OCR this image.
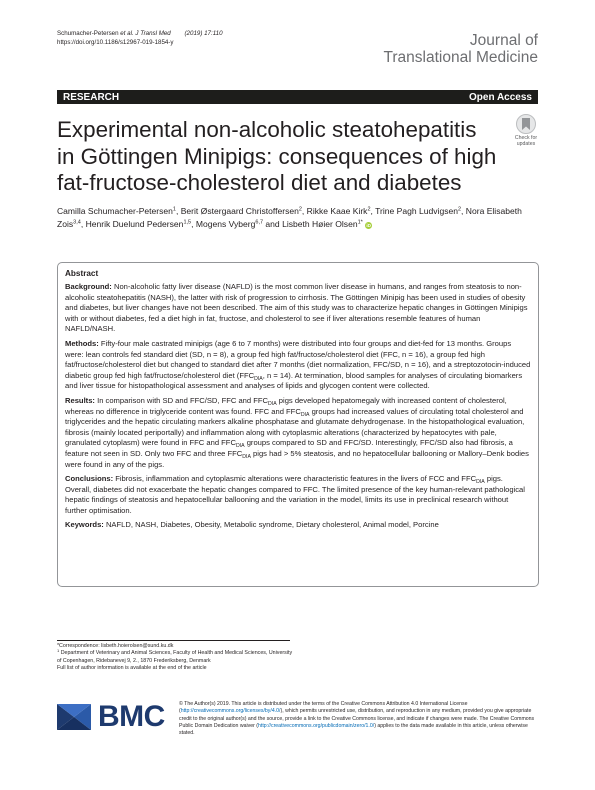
Schumacher-Petersen et al. J Transl Med (2019) 17:110
https://doi.org/10.1186/s12967-019-1854-y	Journal of
Translational Medicine
RESEARCH	Open Access
Experimental non-alcoholic steatohepatitis in Göttingen Minipigs: consequences of high fat-fructose-cholesterol diet and diabetes
Check for
updates
Camilla Schumacher-Petersen$^1$, Berit Østergaard Christoffersen$^2$, Rikke Kaae Kirk$^2$, Trine Pagh Ludvigsen$^2$, Nora Elisabeth Zois$^{3,4}$, Henrik Duelund Pedersen$^{1,5}$, Mogens Vyberg$^{6,7}$ and Lisbeth Høier Olsen$^{1*}$ iD
Abstract

Background: Non-alcoholic fatty liver disease (NAFLD) is the most common liver disease in humans, and ranges from steatosis to non-alcoholic steatohepatitis (NASH), the latter with risk of progression to cirrhosis. The Göttingen Minipig has been used in studies of obesity and diabetes, but liver changes have not been described. The aim of this study was to characterize hepatic changes in Göttingen Minipigs with or without diabetes, fed a diet high in fat, fructose, and cholesterol to see if liver alterations resemble features of human NAFLD/NASH.

Methods: Fifty-four male castrated minipigs (age 6 to 7 months) were distributed into four groups and diet-fed for 13 months. Groups were: lean controls fed standard diet (SD, n = 8), a group fed high fat/fructose/cholesterol diet (FFC, n = 16), a group fed high fat/fructose/cholesterol diet but changed to standard diet after 7 months (diet normalization, FFC/SD, n = 16), and a streptozotocin-induced diabetic group fed high fat/fructose/cholesterol diet ($FFC_{DIA}$, n = 14). At termination, blood samples for analyses of circulating biomarkers and liver tissue for histopathological assessment and analyses of lipids and glycogen content were collected.

Results: In comparison with SD and FFC/SD, FFC and $FFC_{DIA}$ pigs developed hepatomegaly with increased content of cholesterol, whereas no difference in triglyceride content was found. FFC and $FFC_{DIA}$ groups had increased values of circulating total cholesterol and triglycerides and the hepatic circulating markers alkaline phosphatase and glutamate dehydrogenase. In the histopathological evaluation, fibrosis (mainly located periportally) and inflammation along with cytoplasmic alterations (characterized by hepatocytes with pale, granulated cytoplasm) were found in FFC and $FFC_{DIA}$ groups compared to SD and FFC/SD. Interestingly, FFC/SD also had fibrosis, a feature not seen in SD. Only two FFC and three $FFC_{DIA}$ pigs had > 5% steatosis, and no hepatocellular ballooning or Mallory–Denk bodies were found in any of the pigs.

Conclusions: Fibrosis, inflammation and cytoplasmic alterations were characteristic features in the livers of FCC and $FFC_{DIA}$ pigs. Overall, diabetes did not exacerbate the hepatic changes compared to FFC. The limited presence of the key human-relevant pathological hepatic findings of steatosis and hepatocellular ballooning and the variation in the model, limits its use in preclinical research without further optimisation.

Keywords: NAFLD, NASH, Diabetes, Obesity, Metabolic syndrome, Dietary cholesterol, Animal model, Porcine

*Correspondence: lisbeth.hoierolsen@sund.ku.dk
$^1$ Department of Veterinary and Animal Sciences, Faculty of Health and Medical Sciences, University of Copenhagen, Ridebanevej 9, 2., 1870 Frederiksberg, Denmark
Full list of author information is available at the end of the article
BMC	© The Author(s) 2019. This article is distributed under the terms of the Creative Commons Attribution 4.0 International License (http://creativecommons.org/licenses/by/4.0/), which permits unrestricted use, distribution, and reproduction in any medium, provided you give appropriate credit to the original author(s) and the source, provide a link to the Creative Commons license, and indicate if changes were made. The Creative Commons Public Domain Dedication waiver (http://creativecommons.org/publicdomain/zero/1.0/) applies to the data made available in this article, unless otherwise stated.
